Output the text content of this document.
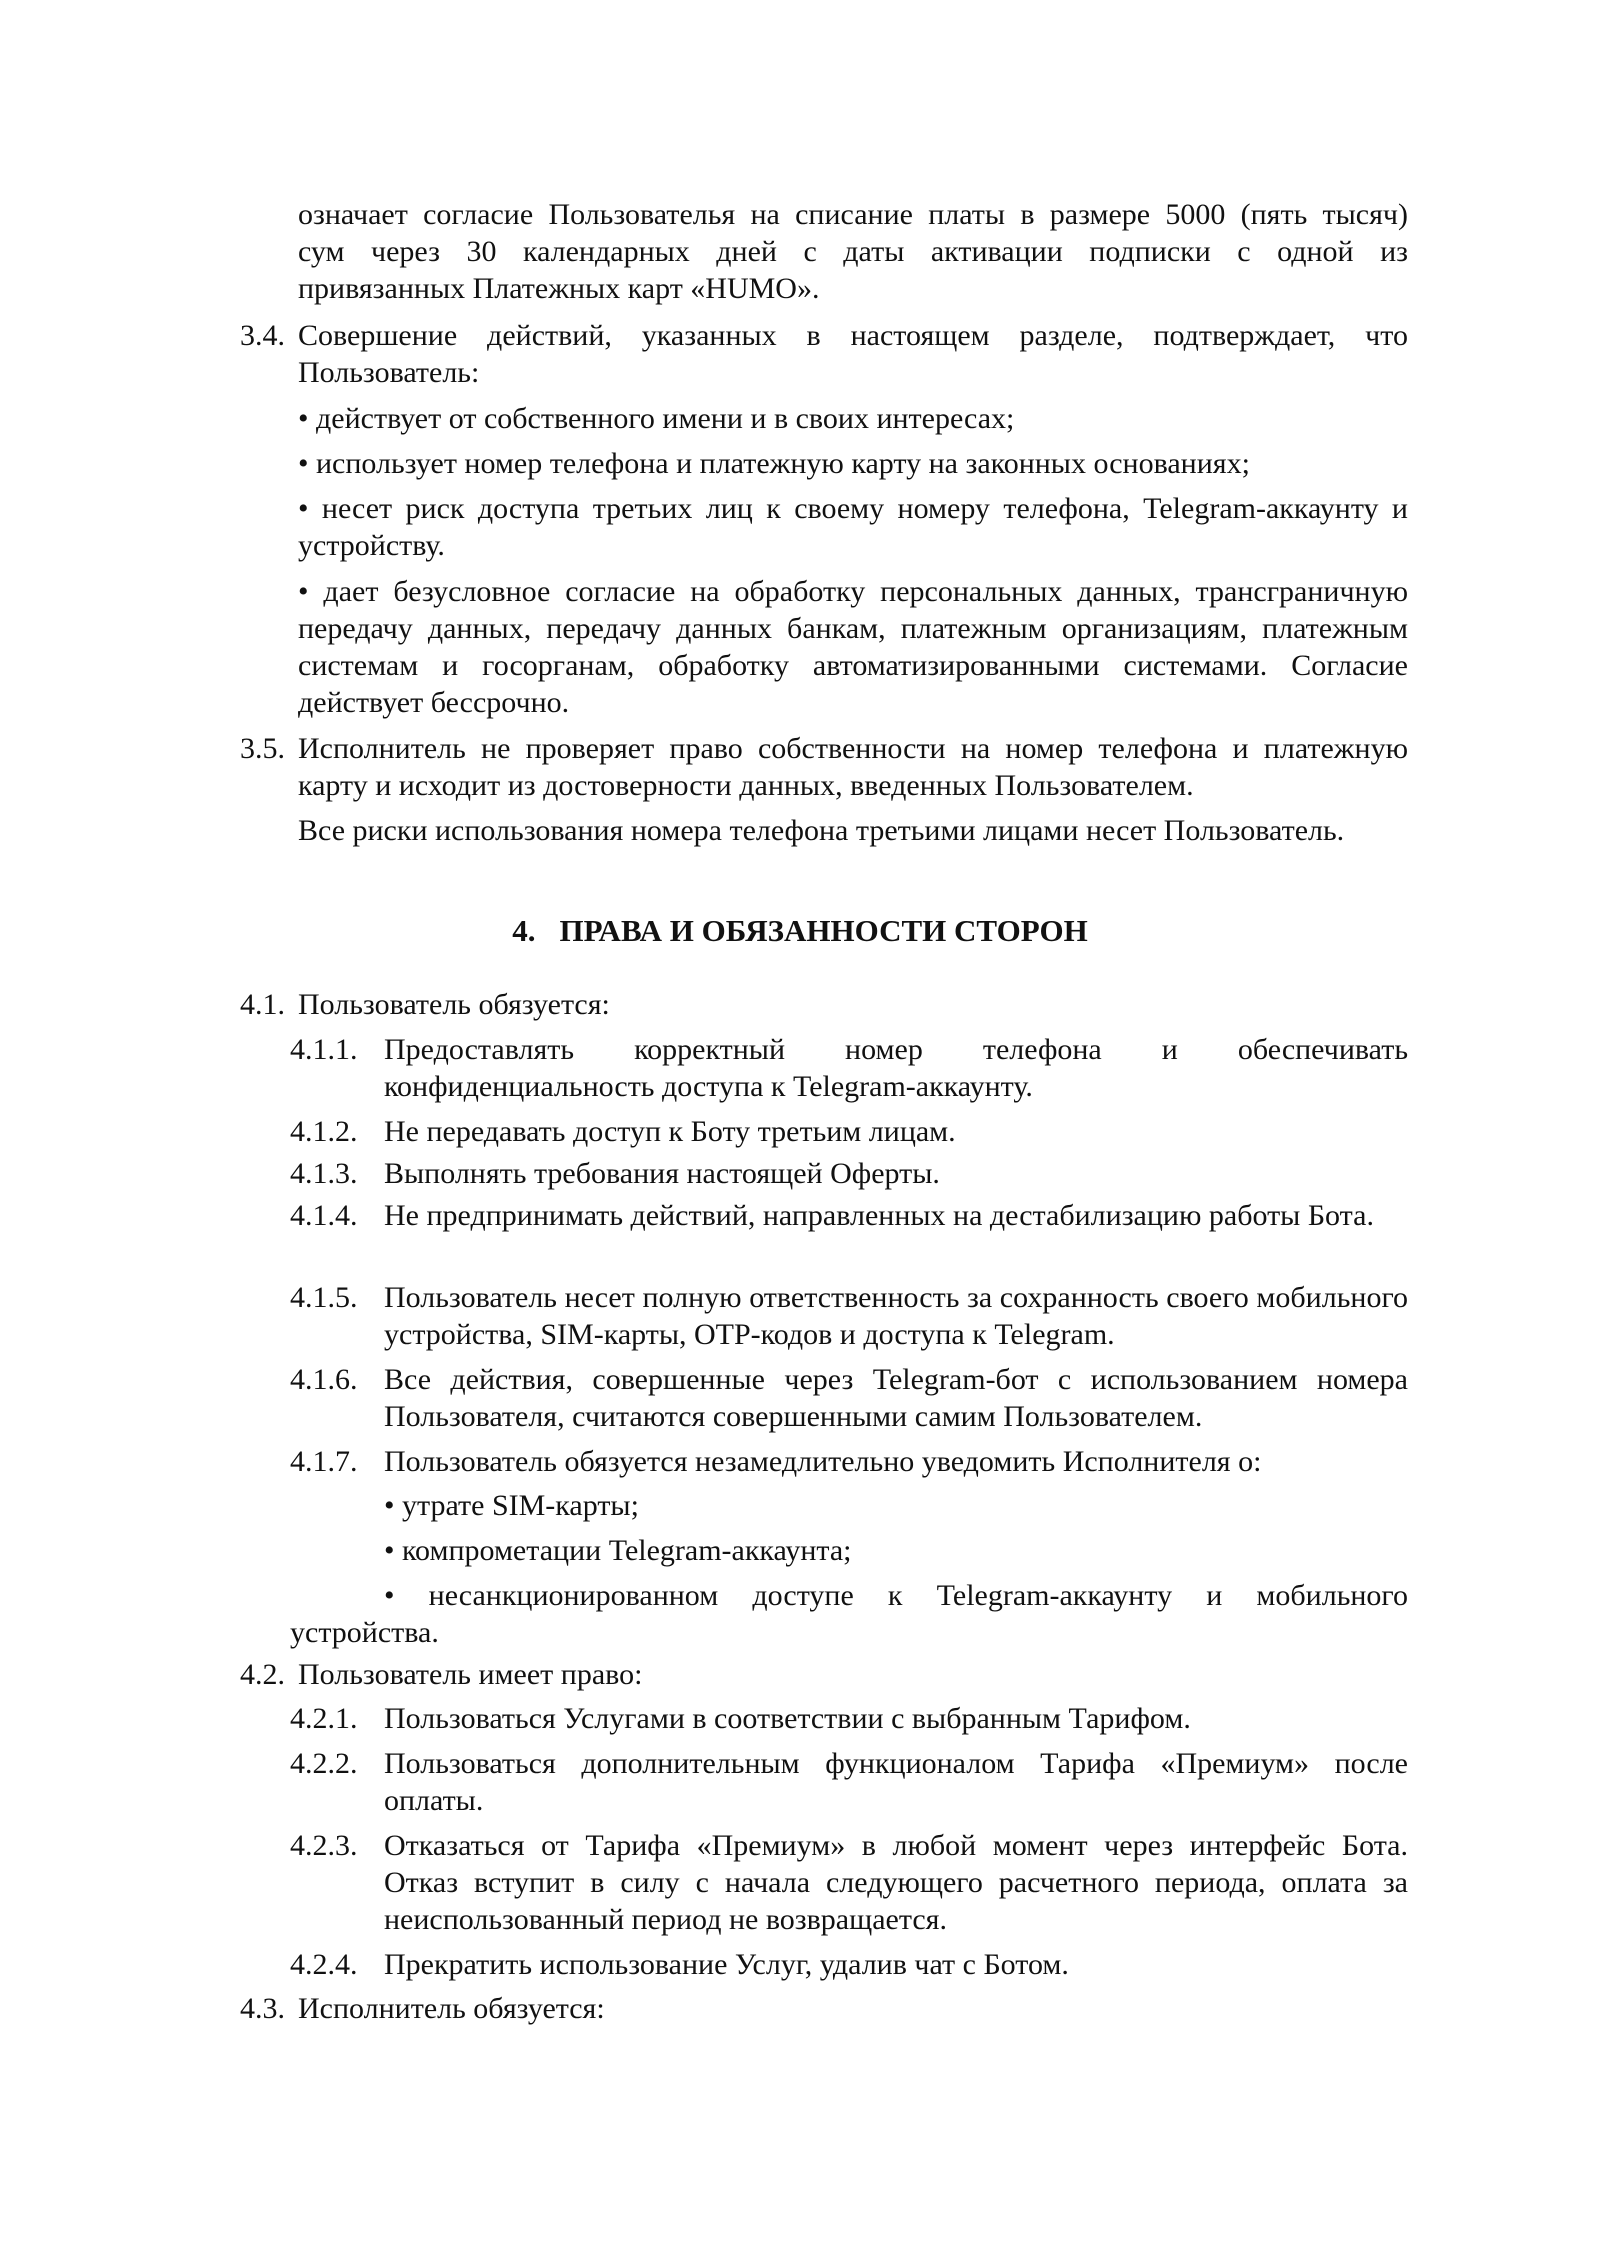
означает согласие Пользователья на списание платы в размере 5000 (пять тысяч)

сум через 30 календарных дней с даты активации подписки с одной из

привязанных Платежных карт «HUMO».

3.4. Совершение действий, указанных в настоящем разделе, подтверждает, что Пользователь:

• действует от собственного имени и в своих интересах;

• использует номер телефона и платежную карту на законных основаниях;

• несет риск доступа третьих лиц к своему номеру телефона, Telegram-аккаунту и устройству.

• дает безусловное согласие на обработку персональных данных, трансграничную передачу данных, передачу данных банкам, платежным организациям, платежным системам и госорганам, обработку автоматизированными системами. Согласие действует бессрочно.

3.5. Исполнитель не проверяет право собственности на номер телефона и платежную карту и исходит из достоверности данных, введенных Пользователем.

Все риски использования номера телефона третьими лицами несет Пользователь.

4. ПРАВА И ОБЯЗАННОСТИ СТОРОН
4.1. Пользователь обязуется:

4.1.1. Предоставлять корректный номер телефона и обеспечивать конфиденциальность доступа к Telegram-аккаунту.

4.1.2. Не передавать доступ к Боту третьим лицам.

4.1.3. Выполнять требования настоящей Оферты.

4.1.4. Не предпринимать действий, направленных на дестабилизацию работы Бота.

4.1.5. Пользователь несет полную ответственность за сохранность своего мобильного устройства, SIM-карты, OTP-кодов и доступа к Telegram.

4.1.6. Все действия, совершенные через Telegram-бот с использованием номера Пользователя, считаются совершенными самим Пользователем.

4.1.7. Пользователь обязуется незамедлительно уведомить Исполнителя о:

• утрате SIM-карты;

• компрометации Telegram-аккаунта;

• несанкционированном доступе к Telegram-аккаунту и мобильного

устройства.

4.2. Пользователь имеет право:

4.2.1. Пользоваться Услугами в соответствии с выбранным Тарифом.

4.2.2. Пользоваться дополнительным функционалом Тарифа «Премиум» после оплаты.

4.2.3. Отказаться от Тарифа «Премиум» в любой момент через интерфейс Бота. Отказ вступит в силу с начала следующего расчетного периода, оплата за неиспользованный период не возвращается.

4.2.4. Прекратить использование Услуг, удалив чат с Ботом.

4.3. Исполнитель обязуется:
